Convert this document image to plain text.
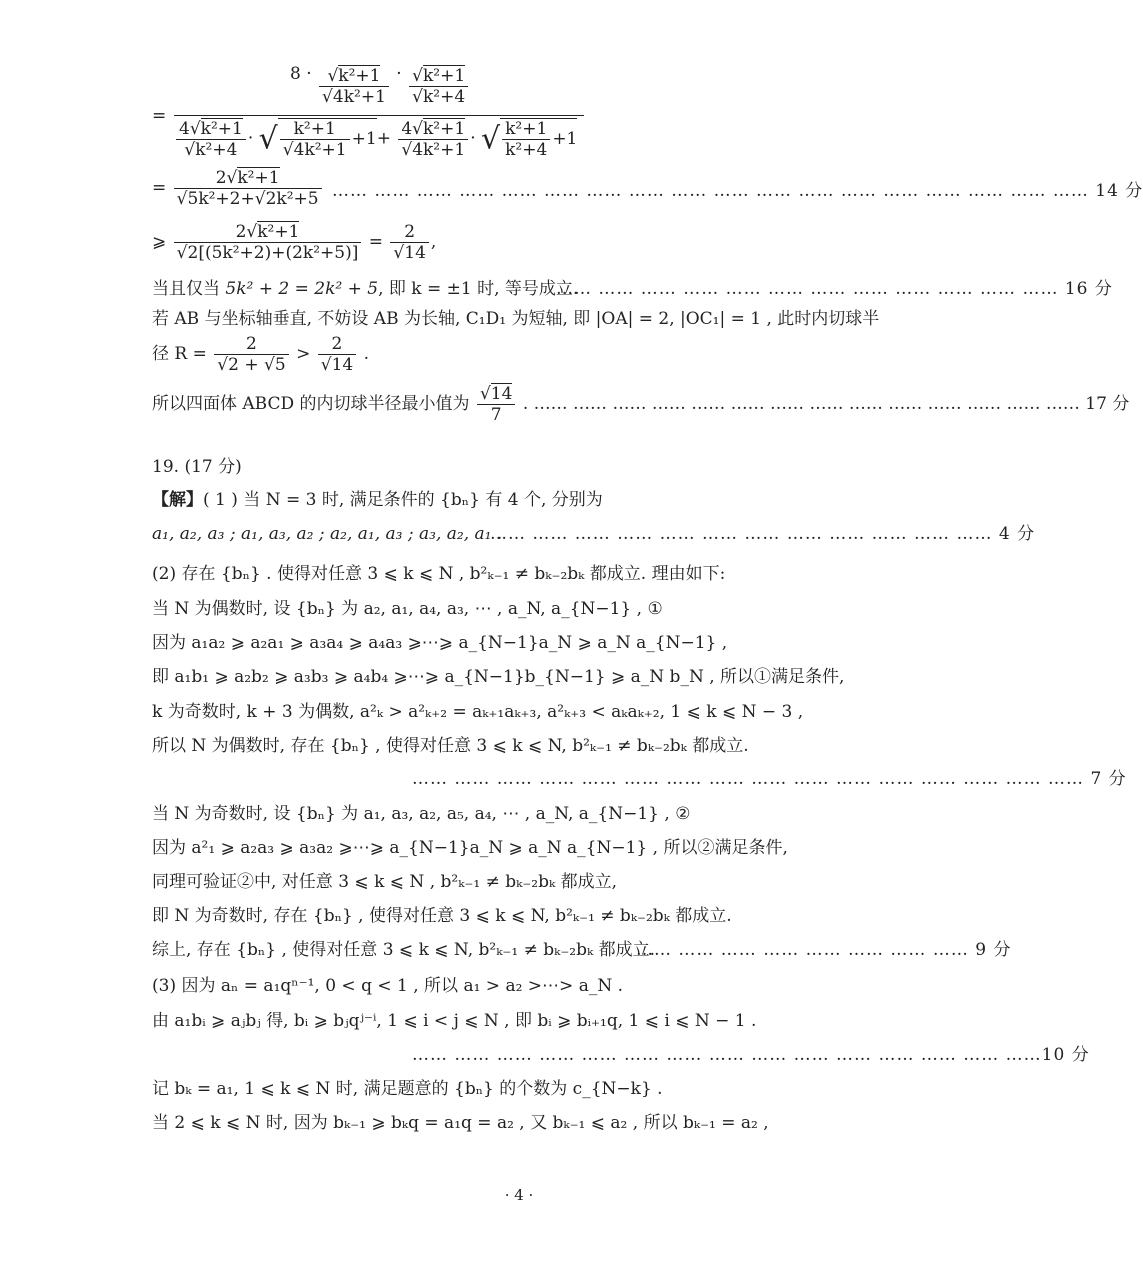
=
$8 \cdot \frac{\text{√k²+1}}{\text{√4k²+1}} \cdot \frac{\text{√k²+1}}{\text{√k²+4}}$
$\frac{\text{4√k²+1}}{\text{√k²+4}}$ · √ $\frac{\text{k²+1}}{\text{√4k²+1}} +1+ \frac{\text{4√k²+1}}{\text{√4k²+1}}$ · √ $\frac{\text{k²+1}}{\text{k²+4}} +1$
= $\frac{\text{2√k²+1}}{\text{√5k²+2+√2k²+5}}$ …… …… …… …… …… …… …… …… …… …… …… …… …… …… …… …… …… …… 14 分
⩾ $\frac{\text{2√k²+1}}{\text{√2[(5k²+2)+(2k²+5)]}} = \frac{2}{√14}$ ,
当且仅当 5k² + 2 = 2k² + 5, 即 k = ±1 时, 等号成立.
…… …… …… …… …… …… …… …… …… …… …… …… 16 分
若 AB 与坐标轴垂直, 不妨设 AB 为长轴, C₁D₁ 为短轴, 即 |OA| = 2, |OC₁| = 1 , 此时内切球半
径 $R = \frac{2}{√2 + √5} > \frac{2}{√14}$ .
所以四面体 ABCD 的内切球半径最小值为 $\frac{√14}{7}$ . …… …… …… …… …… …… …… …… …… …… …… …… …… …… 17 分
19. (17 分)
【解】( 1 ) 当 N = 3 时, 满足条件的 {bₙ} 有 4 个, 分别为
a₁, a₂, a₃ ; a₁, a₃, a₂ ; a₂, a₁, a₃ ; a₃, a₂, a₁ .
…… …… …… …… …… …… …… …… …… …… …… …… 4 分
(2) 存在 {bₙ} . 使得对任意 3 ⩽ k ⩽ N , b²ₖ₋₁ ≠ bₖ₋₂bₖ 都成立. 理由如下:
当 N 为偶数时, 设 {bₙ} 为 a₂, a₁, a₄, a₃, ⋯ , a_N, a_{N−1} , ①
因为 a₁a₂ ⩾ a₂a₁ ⩾ a₃a₄ ⩾ a₄a₃ ⩾⋯⩾ a_{N−1}a_N ⩾ a_N a_{N−1} ,
即 a₁b₁ ⩾ a₂b₂ ⩾ a₃b₃ ⩾ a₄b₄ ⩾⋯⩾ a_{N−1}b_{N−1} ⩾ a_N b_N , 所以①满足条件,
k 为奇数时, k + 3 为偶数, a²ₖ > a²ₖ₊₂ = aₖ₊₁aₖ₊₃, a²ₖ₊₃ < aₖaₖ₊₂, 1 ⩽ k ⩽ N − 3 ,
所以 N 为偶数时, 存在 {bₙ} , 使得对任意 3 ⩽ k ⩽ N, b²ₖ₋₁ ≠ bₖ₋₂bₖ 都成立.
…… …… …… …… …… …… …… …… …… …… …… …… …… …… …… …… 7 分
当 N 为奇数时, 设 {bₙ} 为 a₁, a₃, a₂, a₅, a₄, ⋯ , a_N, a_{N−1} , ②
因为 a²₁ ⩾ a₂a₃ ⩾ a₃a₂ ⩾⋯⩾ a_{N−1}a_N ⩾ a_N a_{N−1} , 所以②满足条件,
同理可验证②中, 对任意 3 ⩽ k ⩽ N , b²ₖ₋₁ ≠ bₖ₋₂bₖ 都成立,
即 N 为奇数时, 存在 {bₙ} , 使得对任意 3 ⩽ k ⩽ N, b²ₖ₋₁ ≠ bₖ₋₂bₖ 都成立.
综上, 存在 {bₙ} , 使得对任意 3 ⩽ k ⩽ N, b²ₖ₋₁ ≠ bₖ₋₂bₖ 都成立.
…… …… …… …… …… …… …… …… 9 分
(3) 因为 aₙ = a₁qⁿ⁻¹, 0 < q < 1 , 所以 a₁ > a₂ >⋯> a_N .
由 a₁bᵢ ⩾ aⱼbⱼ 得, bᵢ ⩾ bⱼqʲ⁻ⁱ, 1 ⩽ i < j ⩽ N , 即 bᵢ ⩾ bᵢ₊₁q, 1 ⩽ i ⩽ N − 1 .
…… …… …… …… …… …… …… …… …… …… …… …… …… …… ……10 分
记 bₖ = a₁, 1 ⩽ k ⩽ N 时, 满足题意的 {bₙ} 的个数为 c_{N−k} .
当 2 ⩽ k ⩽ N 时, 因为 bₖ₋₁ ⩾ bₖq = a₁q = a₂ , 又 bₖ₋₁ ⩽ a₂ , 所以 bₖ₋₁ = a₂ ,
· 4 ·
